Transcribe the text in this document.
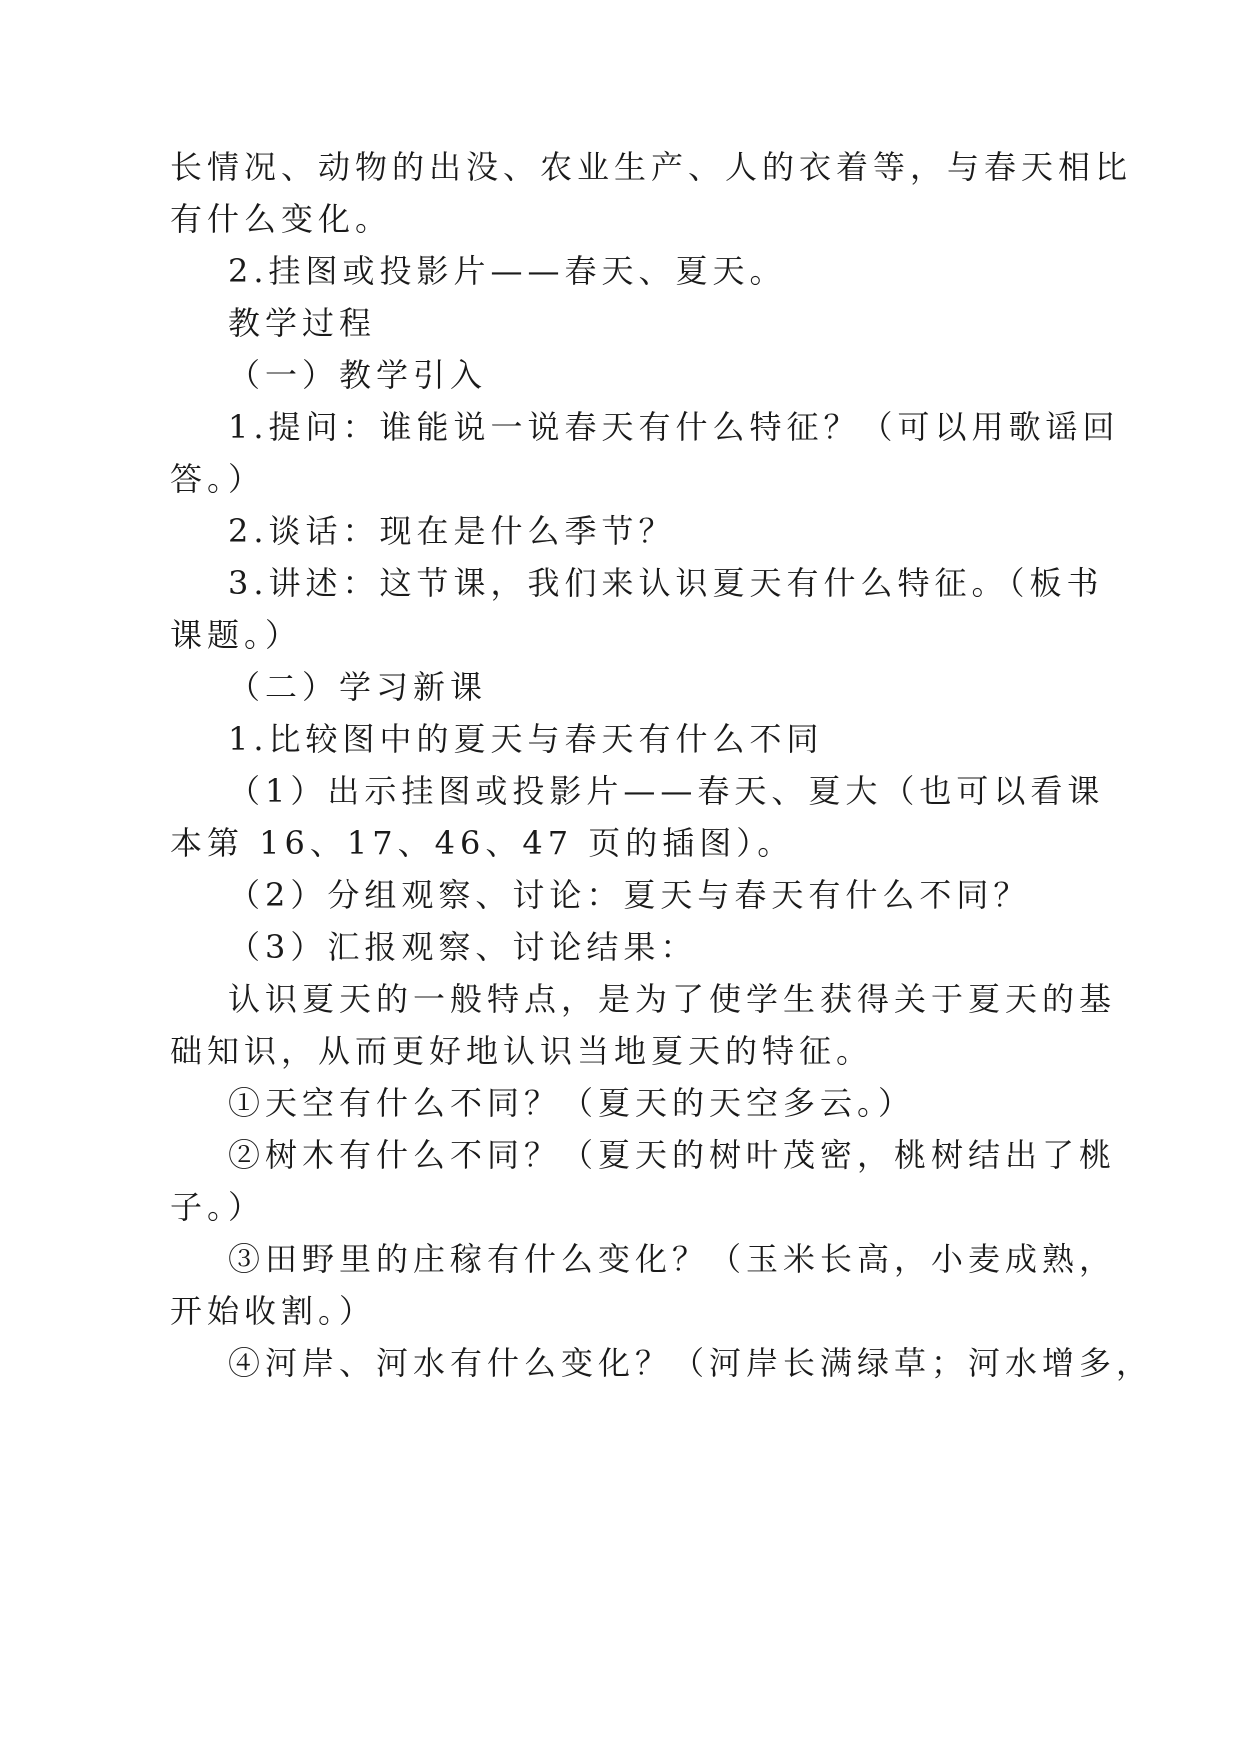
长情况、动物的出没、农业生产、人的衣着等，与春天相比
有什么变化。
2.挂图或投影片——春天、夏天。
教学过程
（一）教学引入
1.提问：谁能说一说春天有什么特征？（可以用歌谣回
答。）
2.谈话：现在是什么季节？
3.讲述：这节课，我们来认识夏天有什么特征。（板书
课题。）
（二）学习新课
1.比较图中的夏天与春天有什么不同
（1）出示挂图或投影片——春天、夏大（也可以看课
本第 16、17、46、47 页的插图）。
（2）分组观察、讨论：夏天与春天有什么不同？
（3）汇报观察、讨论结果：
认识夏天的一般特点，是为了使学生获得关于夏天的基
础知识，从而更好地认识当地夏天的特征。
①天空有什么不同？（夏天的天空多云。）
②树木有什么不同？（夏天的树叶茂密，桃树结出了桃
子。）
③田野里的庄稼有什么变化？（玉米长高，小麦成熟，
开始收割。）
④河岸、河水有什么变化？（河岸长满绿草；河水增多，
